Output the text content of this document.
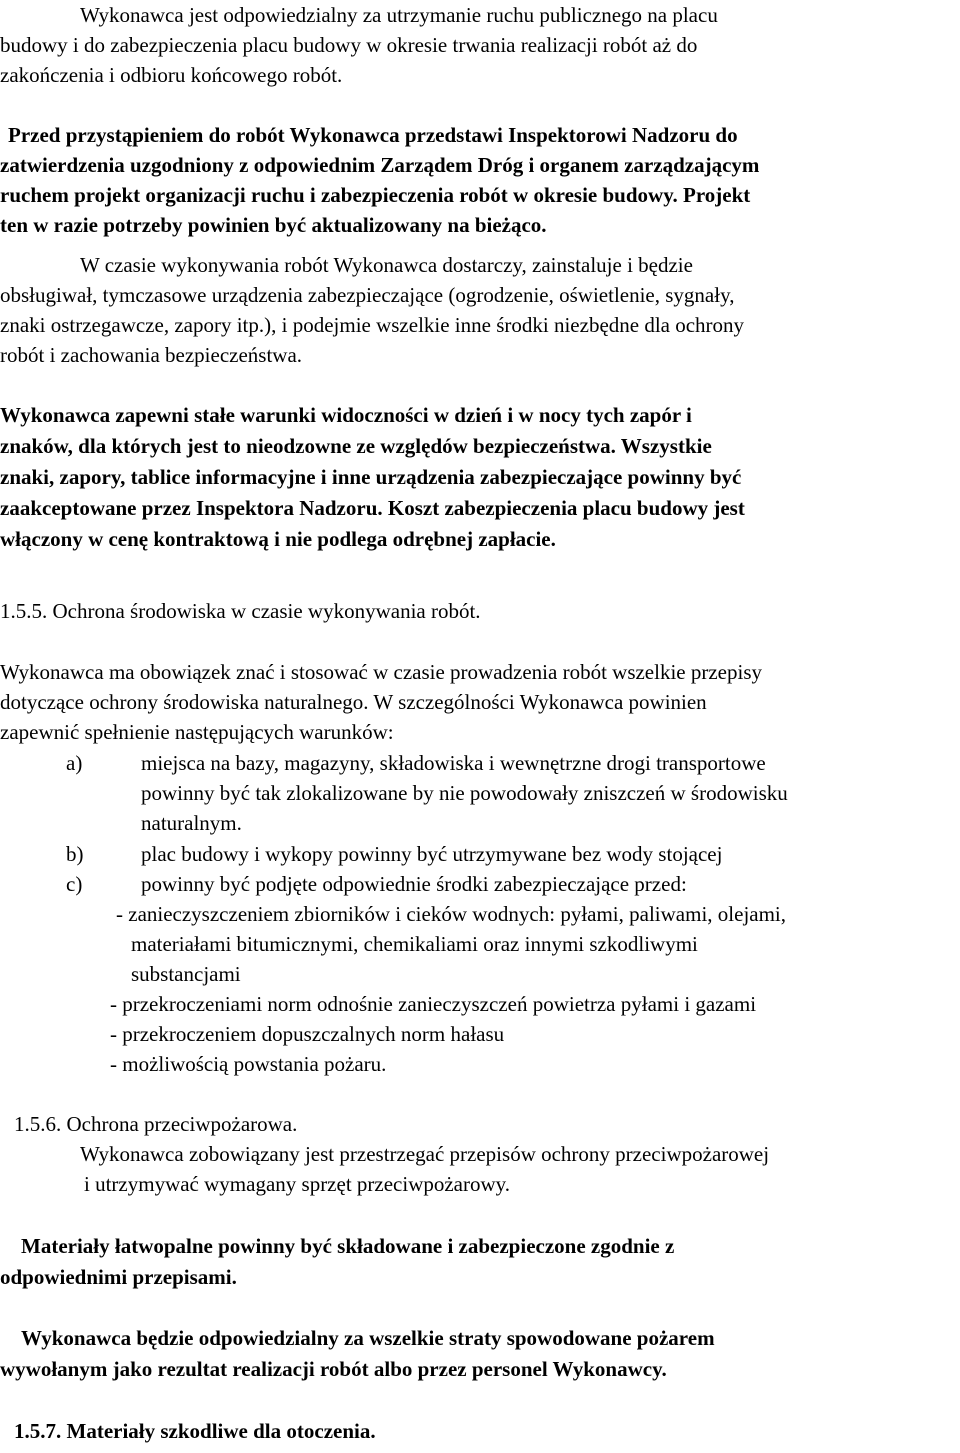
Wykonawca jest odpowiedzialny za utrzymanie ruchu publicznego na placu
budowy i do zabezpieczenia placu budowy w okresie trwania realizacji robót aż do
zakończenia i odbioru końcowego robót.
Przed przystąpieniem do robót Wykonawca przedstawi Inspektorowi Nadzoru do
zatwierdzenia uzgodniony z odpowiednim Zarządem Dróg i organem zarządzającym
ruchem projekt organizacji ruchu i zabezpieczenia robót w okresie budowy. Projekt
ten w razie potrzeby powinien być aktualizowany na bieżąco.
W czasie wykonywania robót Wykonawca dostarczy, zainstaluje i będzie
obsługiwał, tymczasowe urządzenia zabezpieczające (ogrodzenie, oświetlenie, sygnały,
znaki ostrzegawcze, zapory itp.), i podejmie wszelkie inne środki niezbędne dla ochrony
robót i zachowania bezpieczeństwa.
Wykonawca zapewni stałe warunki widoczności w dzień i w nocy tych zapór i
znaków, dla których jest to nieodzowne ze względów bezpieczeństwa. Wszystkie
znaki, zapory, tablice informacyjne i inne urządzenia zabezpieczające powinny być
zaakceptowane przez Inspektora Nadzoru. Koszt zabezpieczenia placu budowy jest
włączony w cenę kontraktową i nie podlega odrębnej zapłacie.
1.5.5. Ochrona środowiska w czasie wykonywania robót.
Wykonawca ma obowiązek znać i stosować w czasie prowadzenia robót wszelkie przepisy
dotyczące ochrony środowiska naturalnego. W szczególności Wykonawca powinien
zapewnić spełnienie następujących warunków:
a)	miejsca na bazy, magazyny, składowiska i wewnętrzne drogi transportowe
powinny być tak zlokalizowane by nie powodowały zniszczeń w środowisku
naturalnym.
b)	plac budowy i wykopy powinny być utrzymywane bez wody stojącej
c)	powinny być podjęte odpowiednie środki zabezpieczające przed:
- zanieczyszczeniem zbiorników i cieków wodnych: pyłami, paliwami, olejami,
materiałami bitumicznymi, chemikaliami oraz innymi szkodliwymi
substancjami
- przekroczeniami norm odnośnie zanieczyszczeń powietrza pyłami i gazami
- przekroczeniem dopuszczalnych norm hałasu
- możliwością powstania pożaru.
1.5.6. Ochrona przeciwpożarowa.
Wykonawca zobowiązany jest przestrzegać przepisów ochrony przeciwpożarowej
i utrzymywać wymagany sprzęt przeciwpożarowy.
Materiały łatwopalne powinny być składowane i zabezpieczone zgodnie z
odpowiednimi przepisami.
Wykonawca będzie odpowiedzialny za wszelkie straty spowodowane pożarem
wywołanym jako rezultat realizacji robót albo przez personel Wykonawcy.
1.5.7. Materiały szkodliwe dla otoczenia.
